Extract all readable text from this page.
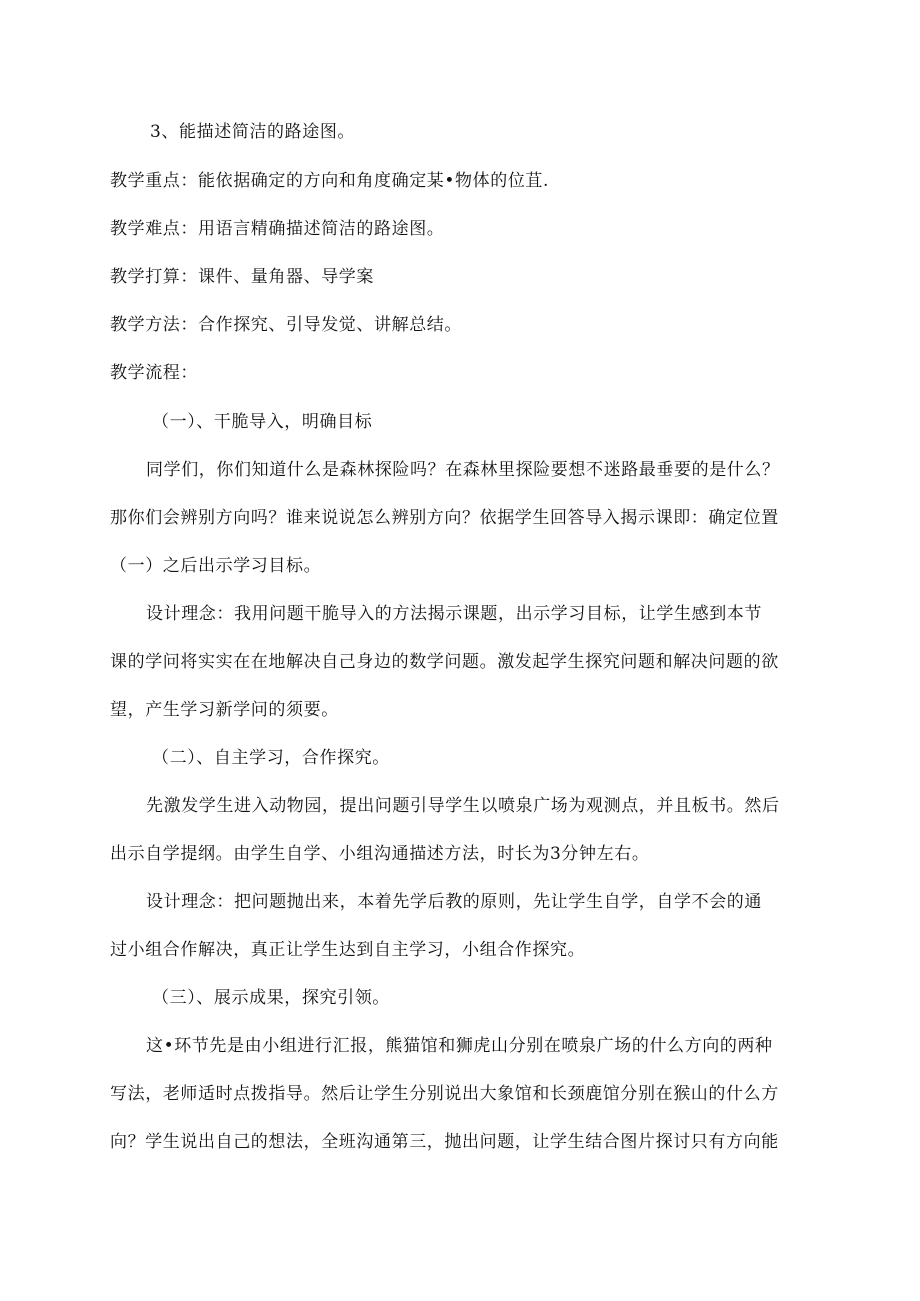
3、能描述简洁的路途图。
教学重点：能依据确定的方向和角度确定某•物体的位苴.
教学难点：用语言精确描述简洁的路途图。
教学打算：课件、量角器、导学案
教学方法：合作探究、引导发觉、讲解总结。
教学流程：
（一）、干脆导入，明确目标
同学们，你们知道什么是森林探险吗？在森林里探险要想不迷路最垂要的是什么？
那你们会辨别方向吗？谁来说说怎么辨别方向？依据学生回答导入揭示课即：确定位置
（一）之后出示学习目标。
设计理念：我用问题干脆导入的方法揭示课题，出示学习目标，让学生感到本节
课的学问将实实在在地解决自己身边的数学问题。激发起学生探究问题和解决问题的欲
望，产生学习新学问的须要。
（二）、自主学习，合作探究。
先激发学生进入动物园，提出问题引导学生以喷泉广场为观测点，并且板书。然后
出示自学提纲。由学生自学、小组沟通描述方法，时长为3分钟左右。
设计理念：把问题抛出来，本着先学后教的原则，先让学生自学，自学不会的通
过小组合作解决，真正让学生达到自主学习，小组合作探究。
（三）、展示成果，探究引领。
这•环节先是由小组进行汇报，熊猫馆和狮虎山分别在喷泉广场的什么方向的两种
写法，老师适时点拨指导。然后让学生分别说出大象馆和长颈鹿馆分别在猴山的什么方
向？学生说出自己的想法，全班沟通第三，抛出问题，让学生结合图片探讨只有方向能
